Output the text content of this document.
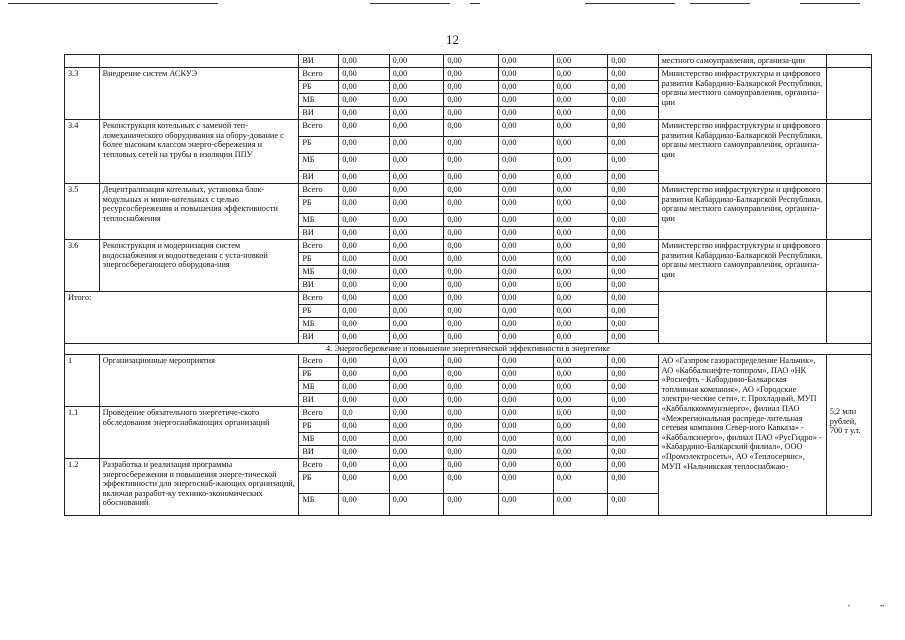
12
		ВИ	0,00	0,00	0,00	0,00	0,00	0,00	местного самоуправления, организа-ции	
3.3	Внедрение систем АСКУЭ	Всего	0,00	0,00	0,00	0,00	0,00	0,00	Министерство инфраструктуры и цифрового развития Кабардино-Балкарской Республики, органы местного самоуправления, организа-ции	
		РБ	0,00	0,00	0,00	0,00	0,00	0,00		
		МБ	0,00	0,00	0,00	0,00	0,00	0,00		
		ВИ	0,00	0,00	0,00	0,00	0,00	0,00		
3.4	Реконструкция котельных с заменой теп-ломеханического оборудования на обору-дование с более высоким классом энерго-сбережения и тепловых сетей на трубы в изоляции ППУ	Всего	0,00	0,00	0,00	0,00	0,00	0,00	Министерство инфраструктуры и цифрового развития Кабардино-Балкарской Республики, органы местного самоуправления, организа-ции	
		РБ	0,00	0,00	0,00	0,00	0,00	0,00		
		МБ	0,00	0,00	0,00	0,00	0,00	0,00		
		ВИ	0,00	0,00	0,00	0,00	0,00	0,00		
3.5	Децентрализация котельных, установка блок-модульных и мини-котельных с целью ресурсосбережения и повышения эффективности теплоснабжения	Всего	0,00	0,00	0,00	0,00	0,00	0,00	Министерство инфраструктуры и цифрового развития Кабардино-Балкарской Республики, органы местного самоуправления, организа-ции	
		РБ	0,00	0,00	0,00	0,00	0,00	0,00		
		МБ	0,00	0,00	0,00	0,00	0,00	0,00		
		ВИ	0,00	0,00	0,00	0,00	0,00	0,00		
3.6	Реконструкция и модернизация систем водоснабжения и водоотведения с уста-новкой энергосберегающего оборудова-ния	Всего	0,00	0,00	0,00	0,00	0,00	0,00	Министерство инфраструктуры и цифрового развития Кабардино-Балкарской Республики, органы местного самоуправления, организа-ции	
		РБ	0,00	0,00	0,00	0,00	0,00	0,00		
		МБ	0,00	0,00	0,00	0,00	0,00	0,00		
		ВИ	0,00	0,00	0,00	0,00	0,00	0,00		
Итого:		Всего	0,00	0,00	0,00	0,00	0,00	0,00		
		РБ	0,00	0,00	0,00	0,00	0,00	0,00		
		МБ	0,00	0,00	0,00	0,00	0,00	0,00		
		ВИ	0,00	0,00	0,00	0,00	0,00	0,00		
4. Энергосбережение и повышение энергетической эффективности в энергетике										
1	Организационные мероприятия	Всего	0,00	0,00	0,00	0,00	0,00	0,00	АО «Газпром газораспределение Нальчик», АО «Каббалкнефте-топпром», ПАО «НК «Роснефть - Кабардино-Балкарская топливная компания», АО «Городские электри-ческие сети», г. Прохладный, МУП «Каббалккоммунэнерго», филиал ПАО «Межрегиональная распреде-лительная сетевая компания Север-ного Кавказа» - «Каббалкэнерго», филиал ПАО «РусГидро» - «Кабардино-Балкарский филиал», ООО «Промэлектросеть», АО «Теплосервис», МУП «Нальчикская теплоснабжаю-	5,2 млн рублей, 700 т у.т.
		РБ	0,00	0,00	0,00	0,00	0,00	0,00		
		МБ	0,00	0,00	0,00	0,00	0,00	0,00		
		ВИ	0,00	0,00	0,00	0,00	0,00	0,00		
1.1	Проведение обязательного энергетиче-ского обследования энергоснабжающих организаций	Всего	0,0	0,00	0,00	0,00	0,00	0,00		
		РБ	0,00	0,00	0,00	0,00	0,00	0,00		
		МБ	0,00	0,00	0,00	0,00	0,00	0,00		
		ВИ	0,00	0,00	0,00	0,00	0,00	0,00		
1.2	Разработка и реализация программы энергосбережения и повышения энерге-тической эффективности для энергоснаб-жающих организаций, включая разработ-ку технико-экономических обоснований	Всего	0,00	0,00	0,00	0,00	0,00	0,00		
		РБ	0,00	0,00	0,00	0,00	0,00	0,00		
		МБ	0,00	0,00	0,00	0,00	0,00	0,00		
•	••
